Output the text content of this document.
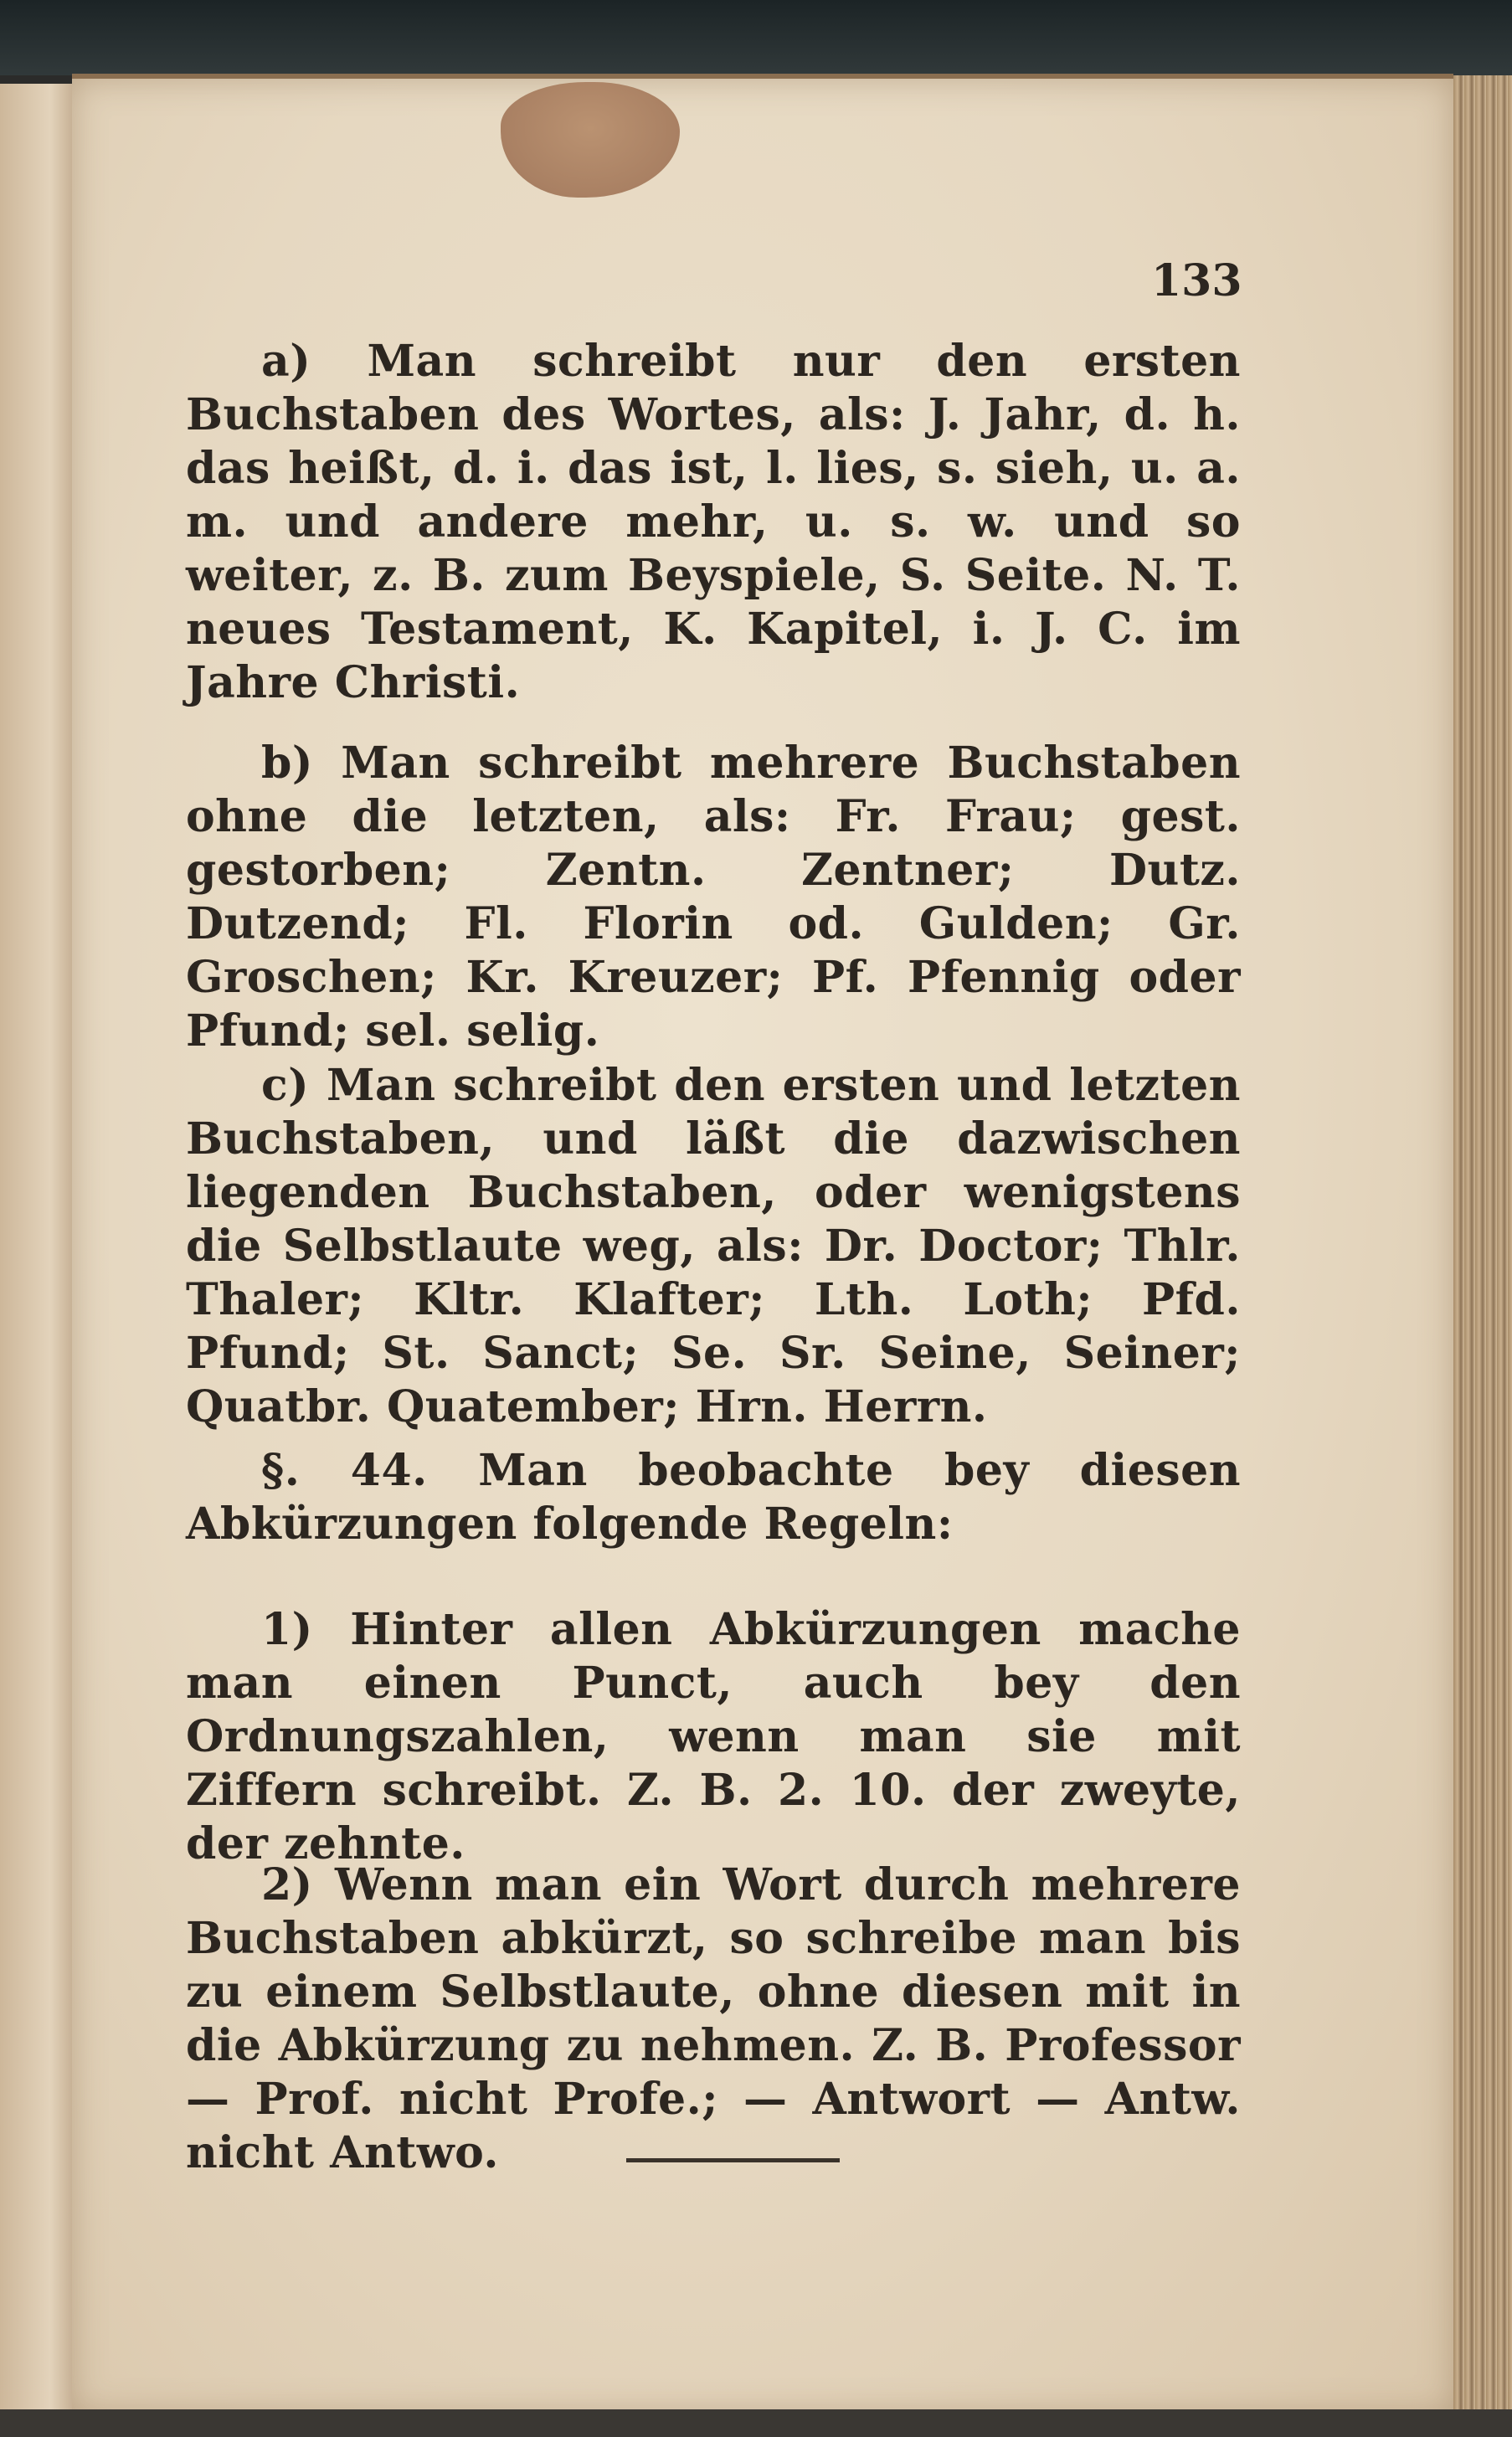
133
a) Man schreibt nur den ersten Buchstaben des Wortes, als: J. Jahr, d. h. das heißt, d. i. das ist, l. lies, s. sieh, u. a. m. und andere mehr, u. s. w. und so weiter, z. B. zum Beyspiele, S. Seite. N. T. neues Testament, K. Kapitel, i. J. C. im Jahre Christi.
b) Man schreibt mehrere Buchstaben ohne die letzten, als: Fr. Frau; gest. gestorben; Zentn. Zentner; Dutz. Dutzend; Fl. Florin od. Gulden; Gr. Groschen; Kr. Kreuzer; Pf. Pfennig oder Pfund; sel. selig.
c) Man schreibt den ersten und letzten Buchstaben, und läßt die dazwischen liegenden Buchstaben, oder wenigstens die Selbstlaute weg, als: Dr. Doctor; Thlr. Thaler; Kltr. Klafter; Lth. Loth; Pfd. Pfund; St. Sanct; Se. Sr. Seine, Seiner; Quatbr. Quatember; Hrn. Herrn.
§. 44. Man beobachte bey diesen Abkürzungen folgende Regeln:
1) Hinter allen Abkürzungen mache man einen Punct, auch bey den Ordnungszahlen, wenn man sie mit Ziffern schreibt. Z. B. 2. 10. der zweyte, der zehnte.
2) Wenn man ein Wort durch mehrere Buchstaben abkürzt, so schreibe man bis zu einem Selbstlaute, ohne diesen mit in die Abkürzung zu nehmen. Z. B. Professor — Prof. nicht Profe.; — Antwort — Antw. nicht Antwo.
